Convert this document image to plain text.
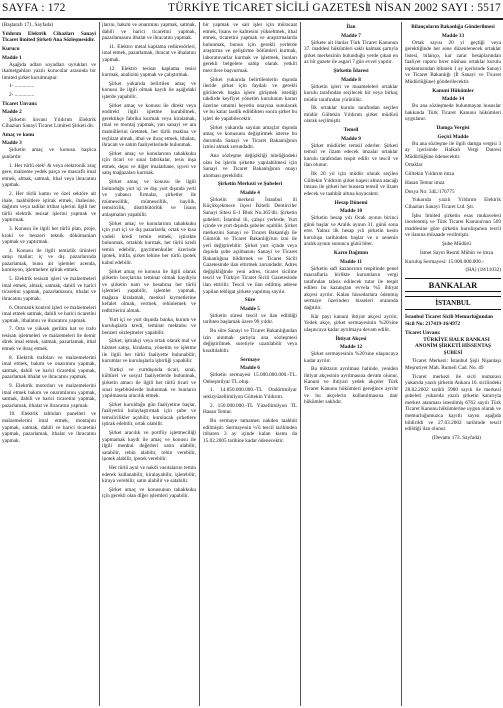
SAYFA : 172	TÜRKİYE TİCARET SİCİLİ GAZETESİ
1 NİSAN 2002 SAYI : 5517

(Baştarafı 171. Sayfada)

Yıldırım Elektrik Cihazları Sanayi Ticaret limited Şirketi Ana Sözleşmesidir.

Kurucu
Madde 1

Aşağıda adları soyadları uyrukları ve ikametgahları yazılı kurucular arasında bir limited şirket kurulmuştur.

1- ...............

2- ...............

Ticaret Unvanı:
Madde 2

Şirketin ünvanı Yıldırım Elektrik Cihazları Sanayi Ticaret Limited Şirketi dir.

Amaç ve konu
Madde 3

Şirketin amaç ve konusu başlıca şunlardır.

1. Her türlü elek¹ & veya elektronik araç gere, malzeme yedek parça ve masraflı imal etmek, almak, satmak, ithal veya ihracatını yapmak.

2. Her türlü kamu ve özel sektöre ait ihale, taahhütlere iştirak etmek, ihalesine, dağıtım veya tadilat irtibat işlerini ilgili her türlü elektrik tesisat işlerini yapmak ve yaptırmak.

3. Konusu ile ilgili her türlü plan, proje, kroki ve benzeri teknik dökümanları yapmak ve yaptırmak.

4. Konusu ile ilgili temizlik ürünleri satışı mallar; iç ve dış pazarlarında pazarlamak, bunu ait işlemler acenda, komisyon, işletmelere iştirak etmek.

5. Elektrik tesisatı işleri ve malzemeleri imal etmek, almak, satmak, dahili ve harici ticaretini yapmak, pazarlamasını, ithalat ve ihracatını yapmak.

6. Otomatik kontrol işleri ve malzemeleri imal etmek satmak, dahili ve harici ticaretini yapmak, ithalatını ve ihracatını yapmak.

7. Orta ve yüksek gerilim hat ve trafo tesisatı işletmeleri ve malzemeleri ile demir direk imal etmek, satmak, pazarlamak, ithal etmek ve ihraç etmek.

8. Elektrik trafoları ve malzemelerini imal etmek, bakım ve onarımını yapmak, satmak, dahili ve harici ticaretini yapmak, pazarlamak ithalat ve ihracatını yapmak.

9. Elektrik motorları ve malzemelerini imal etmek bakım ve onarımlarını yapmak, satmak, dahili ve harici ticaretini yapmak, pazarlamak, ithalat ve ihracatını yapmak.

10. Elektrik tabloları panelleri ve malzemelerini imal etmek, montajını yapmak, satmak, dahili ve harici ticaretini yapmak, pazarlamak, ithalat ve ihracatını yapmak.

jlarını, bakım ve onarımını yapmak, satmak, dahili ve harici ticaretini yapmak, pazarlamasını ithalat ve ihracatını yapmak.

11. Elektro metal kaplama redüresörleri, imal etmek, pazarlamak, ihracat ve ithalatını yapmak.

12. Elektro tesisat kaplama tesisi kurmak, analizini yapmak ve çalıştırmak.

Şirket yukarıda belirtilen amaç ve konusu ile ilgili olmak kaydı ile aşağıdaki işlerde yapabilir.

Şirket amaç ve konusu ile direkt veya endirekt ilgili işletme kurabilmek, gerektikçe fabrika kurmak veya kiralamak, imal ve montaj yapmak, yan sanayi ve ara mamüllerini üretmek, her türlü makina ve teçhizat almak, ithal ve ihraç etmek, ithalatı, ihracatı ve satım faaliyetlerinde bulunmak.

Şirket amaç ve konularının tahakkuku için ticari ve sınai fabrikalar, tesis inşa etmek, depo ve diğer imalathane, işyeri ve satış mağazaları kurmak.

Şirket amaç ve konusu ile ilgili bulunduğu yurt içi ve dışı yurt dışında yerli ve yabancı firmalar, şirketler ile mümessillik, mümessillik, bayilik, temsilcilik, distribütörlük ve lisans anlaşmaları yapabilir.

Şirket amaç ve konularının tahakkuku için yurt içi ve dış pazarlarda, ortak ve kısa vadeli kredi temin etmek, iştirakte bulunmak, ortaklık kurmak, her türlü kredi temin edebilir, gayrimenkuller üzerinde ipotek, intifa, şirket lehine her türlü ipotek kabul edebilir.

Şirket amaç ve konusu ile ilgili olarak şirketin borçlarına teminat olmak kaydıyla ve şirketin nam ve hesabına her türlü işlemleri yapabilir, işlemler yapmak, mağaza kiralamak, menkul kıymetlerine kefalet olmak, vermek, rehinlemek ve tedbirlerini almak.

Yurt içi ve yurt dışında banka, kurum ve kuruluşlarla kredi, teminat mektubu ve benzeri sözleşmeler yapabilir.

Şirket, iştirakçi veya ortak olarak mal ve hizmet satışı, kiralama, yönetim ve işletme ile ilgili her türlü faaliyette bulunabilir, kurumlar ve kuruluşlarla işbirliği yapabilir.

Yurtiçi ve yurtdışında ticari, sınai, kültürel ve sosyal faaliyetlerde bulunmak, şirketin amacı ile ilgili her türlü ticari ve sınai teşebbüslerde bulunmak ve bunların yapılmasına aracılık etmek.

Şirket kurulduğu gün faaliyetine başlar, faaliyetini kolaylaştırmak için şube ve temsilcilikler açabilir, kurulacak şirketlere iştirak edebilir, ortak olabilir.

Şirket aracılık ve portföy işletmeciliği yapmamak kaydı ile amaç ve konusu ile ilgili menkul değerleri satın alabilir, satabilir, rehin alabilir, rehin verebilir, ipotek alabilir, ipotek verebilir.

Her türlü ayni ve nakdi vasıtalarını temin ederek kullanabilir, kiralayabilir, işletebilir, kiraya verebilir, satın alabilir ve satabilir.

Şirket amaç ve konusunun tahakkuku için gerekli olan diğer işlemleri yapabilir.

bir yapmak ve sair işler için müracaat etmek, lisans ve kalitesini yükseltmek, ithal etmek, ticaretini yapmak ve araştırmalarda bulunmak, bunun için gerekli yerlerde araştırma ve geliştirme bölümleri kurmak, laboratuvarlar kurmak ve işletmek, bunları gerekli belgelere sahip olarak yetkili mercilere başvurmak.

Şirket yukarıda belirtilenlerin dışında ileride şirket için faydalı ve gerekli görülecek başka işlere girişmek istediği takdirde keyfiyet yönetim kurulunun kararı üzerine umumi heyetin onayına sunulacak ve bu karar tasdik edildikten sonra şirket bu işleri de yapabilecektir.

Şirket yukarıda sayılan amaçlar dışında amaç ve konusunu değiştirmek isterse bu durumda Sanayi ve Ticaret Bakanlığının iznini almak zorundadır.

Ana sözleşme değişikliği niteliğindeki olan bu işlerin şirkette yapılabilmesi için Sanayi ve Ticaret Bakanlığının onayı alınması gereklidir.

Şirketin Merkezi ve Şubeleri
Madde 4

Şirketin merkezi İstanbul ili Küçükçekmece ilçesi İkitelli Demirciler Sanayi Sitesi E-1 Blok No.365'dir. Şirketin şubeleri; İstanbul ili, çalışır yerlerde, Yurt içinde ve yurt dışında şubeler açabilir. Şirket merkezini Sanayi ve Ticaret Bakanlığı ile Gümrük ve Ticaret Bakanlığı'nın izni ile yeri değiştirebilir. Şirket yurt içinde veya dışında şube açılmasını Sanayi ve Ticaret Bakanlığına bildirmek ve Ticaret Sicili Gazetesinde ilan ettirmek zorundadır. Adres değişikliğinde yeni adres, ticaret siciline tescil ve Türkiye Ticaret Sicili Gazetesinde ilan ettirilir. Tescil ve ilan edilmiş adrese yapılan tebligat şirkete yapılmış sayılır.

Süre
Madde 5

Şirketin süresi tescil ve ilan edildiği tarihten başlamak üzere 99 yıldır.

Bu süre Sanayi ve Ticaret Bakanlığından izin alınmak şartıyla ana sözleşmesi değiştirilmek suretiyle uzatılabilir veya kısaltılabilir.

Sermaye
Madde 6

Şirketin sermayesi 15.000.000.000.-TL. Onbeşmilyar TL.olup.

1. 14.850.000.000.-TL Ondörtmilyar sekizyüzellimilyon Gültekin Yıldırım.

2. 150.000.000.-TL Yüzellimilyon TL Hasan Temur.

Bu sermaye tamamen nakden taahhüt edilmiştir. Sermayenin ¼'ü tescil tarihinden itibaren 3 ay içinde kalan kısmı da 15.02.2005 tarihine kadar ödenecektir.

İlan
Madde 7

Şirkete ait ilanlar Türk Ticaret Kanunun 37. maddesi hükümleri saklı kalmak şartıyla şirket merkezinin bulunduğu yerde çıkan en az bir gazete ile asgari 7 gün evvel yapılır.

Şirketin İdaresi
Madde 8

Şirketin işleri ve muameleleri ortaklar kurulu tarafından seçilecek bir veya birkaç müdür tarafından yürütülür.

İlk ortaklar kurulu tarafından seçilen müdür Gültekin Yıldırım şirket müdürü olarak seçilmiştir.

Temsil
Madde 9

Şirket müdürler temsil ederler. Şirketi temsil ve ilzam edecek imzalar ortaklar kurulu tarafından tespit edilir ve tescil ve ilan olunur.

İlk 20 yıl için müdür olarak seçilen Gültekin Yıldırım şirket kaşesi altına atacağı imzası ile şirketi her hususta temsil ve ilzam edecek ve taahhüt altına koyacaktır.

Hesap Dönemi
Madde 10

Şirketin hesap yılı Ocak ayının birinci günü başlar ve Aralık ayının 31. günü sona erer. Yalnız ilk hesap yılı şirketin kesin kuruluşu tarihinden başlar ve o senenin aralık ayının sonuncu günü biter.

Karın Dağıtımı
Madde 11

Şirketin safi kazancının tespitinde genel masraflarla birlikte kurumların vergi tarafından tahsis edilecek tutar ile tespit edilen bu kazançtan evvela %5 ihtiyat akçesi ayrılır. Kalan hissedarlara ödenmiş sermaye üzerinden hisseleri oranında dağıtılır.

Kâr payı kanuni ihtiyat akçesi ayrılır. Yedek akçe, şirket sermayesinin %20'sine ulaşıncaya kadar ayrılmaya devam edilir.

İhtiyat Akçesi
Madde 12

Şirket sermayesinin %20'sine ulaşıncaya kadar ayrılır.

Bu miktarın ayrılması halinde, yeniden ihtiyat akçesinin ayrılmasına devam olunur. Kanuni ve ihtiyari yedek akçeler Türk Ticaret Kanunu hükümleri gereğince ayrılır ve bu akçelerin kullanılmasına dair hükümler saklıdır.

Bilançoların Bakanlığa Gönderilmesi
Madde 13

Ortak sayısı 20 yi geçtiği veya gerektiğinde her sene düzenlenecek ortaklar listesi, bilanço, kar zarar hesaplarından faaliyet raporu birer nüshası ortaklar kurulu toplantısından itibaren 1 ay içerisinde Sanayi ve Ticaret Bakanlığı (İl Sanayi ve Ticaret Müdürlüğüne) gönderilecektir.

Kanuni Hükümler
Madde 14

Bu ana sözleşmede bulunmayan hususlar hakkında Türk Ticaret Kanunu hükümleri uygulanır.

Damga Vergisi
Geçici Madde

Bu ana sözleşme ile ilgili damga vergisi 3 ay içerisinde Halkalı Vergi Dairesi Müdürlüğüne ödenecektir.

Ortaklar

Gültekin Yıldırım imza

Hasan Temur imza

Dosya No: 34L/176775

Yukarıda yazılı Yıldırım Elektrik Cihazları Sanayi Ticaret Ltd. Şti.

İşbu limited şirketin esas mukavelesi incelenmiş ve Türk Ticaret Kanunu'nun 509 maddesine göre şirketin kuruluşunun tescil ve ilanına müsaade verilmiştir.

Şube Müdürü

İsmet Sayın Resmi Mühür ve imza

Kuruluş Sermayesi: 15.000.000.000.-

(HA) (18/11032)

BANKALAR
İSTANBUL
İstanbul Ticaret Sicili Memurluğundan

Sicil No: 217419-16/4972

Ticaret Unvanı:

TÜRKİYE HALK BANKASI ANONİM ŞİRKETİ HİSSENTAŞ ŞUBESİ

Ticaret Merkezi: İstanbul Şişli Nişantaşı Meşrutiyet Mah. Rumeli Cad. No. 49

Ticaret merkezi ile sicil numarası yukarıda yazılı şirketin Ankara 16. sicilindeki 28.02.2002 tarihli 5980 sayılı ile merkezi şubeleri yukarıda yazılı şirketin kararıyla merkez atanması istenilmiş 6762 sayılı Türk Ticaret Kanunu hükümlerine uygun olarak ve memurluğumuzca kayıtlı sayısı aşağıda bildirildi ve 27.03.2002 tarihinde tescil edildiği ilan olunur.

(Devamı 173. Sayfada)
